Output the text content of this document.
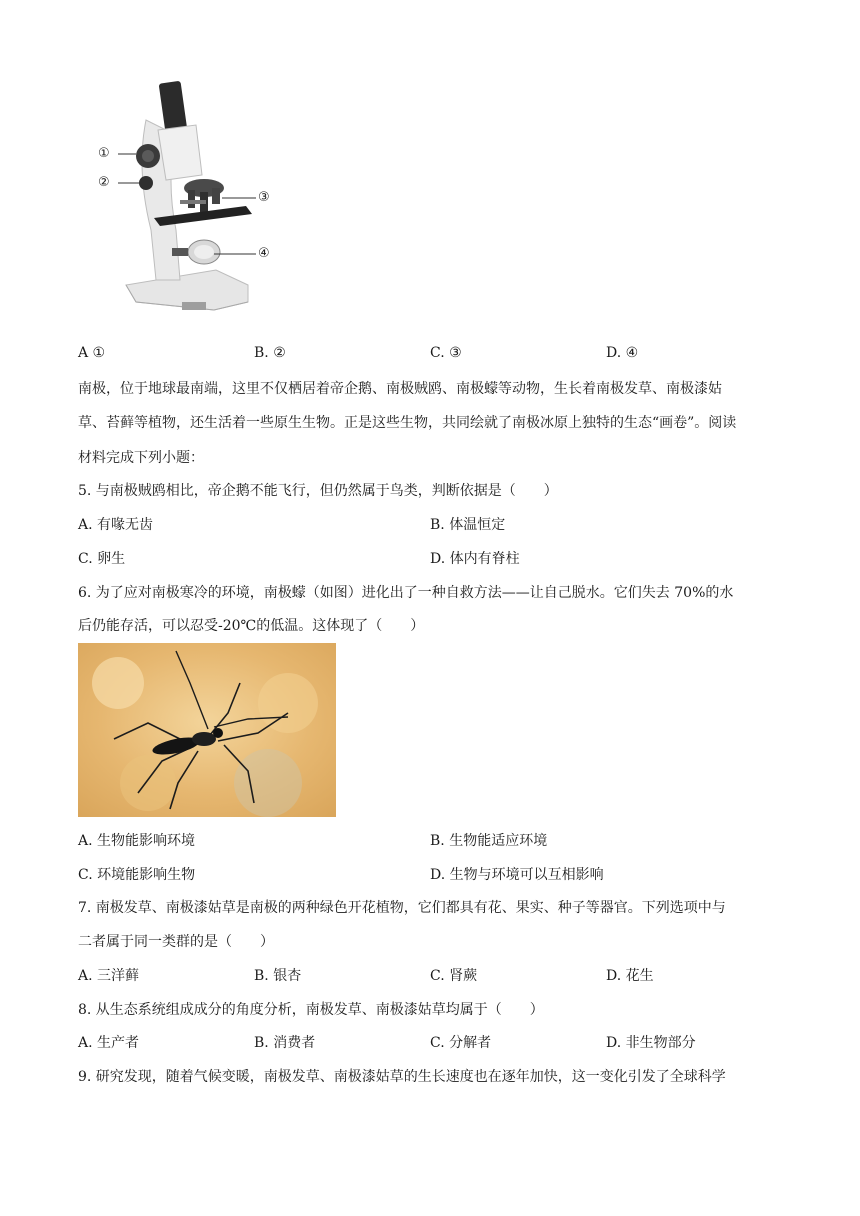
①
②
③
④
A ①	B. ②	C. ③	D. ④
南极，位于地球最南端，这里不仅栖居着帝企鹅、南极贼鸥、南极蠓等动物，生长着南极发草、南极漆姑
草、苔藓等植物，还生活着一些原生生物。正是这些生物，共同绘就了南极冰原上独特的生态“画卷”。阅读
材料完成下列小题：
5. 与南极贼鸥相比，帝企鹅不能飞行，但仍然属于鸟类，判断依据是（　　）
A. 有喙无齿	B. 体温恒定
C. 卵生	D. 体内有脊柱
6. 为了应对南极寒冷的环境，南极蠓（如图）进化出了一种自救方法——让自己脱水。它们失去 70%的水
后仍能存活，可以忍受-20℃的低温。这体现了（　　）
A. 生物能影响环境	B. 生物能适应环境
C. 环境能影响生物	D. 生物与环境可以互相影响
7. 南极发草、南极漆姑草是南极的两种绿色开花植物，它们都具有花、果实、种子等器官。下列选项中与
二者属于同一类群的是（　　）
A. 三洋藓	B. 银杏	C. 肾蕨	D. 花生
8. 从生态系统组成成分的角度分析，南极发草、南极漆姑草均属于（　　）
A. 生产者	B. 消费者	C. 分解者	D. 非生物部分
9. 研究发现，随着气候变暖，南极发草、南极漆姑草的生长速度也在逐年加快，这一变化引发了全球科学
